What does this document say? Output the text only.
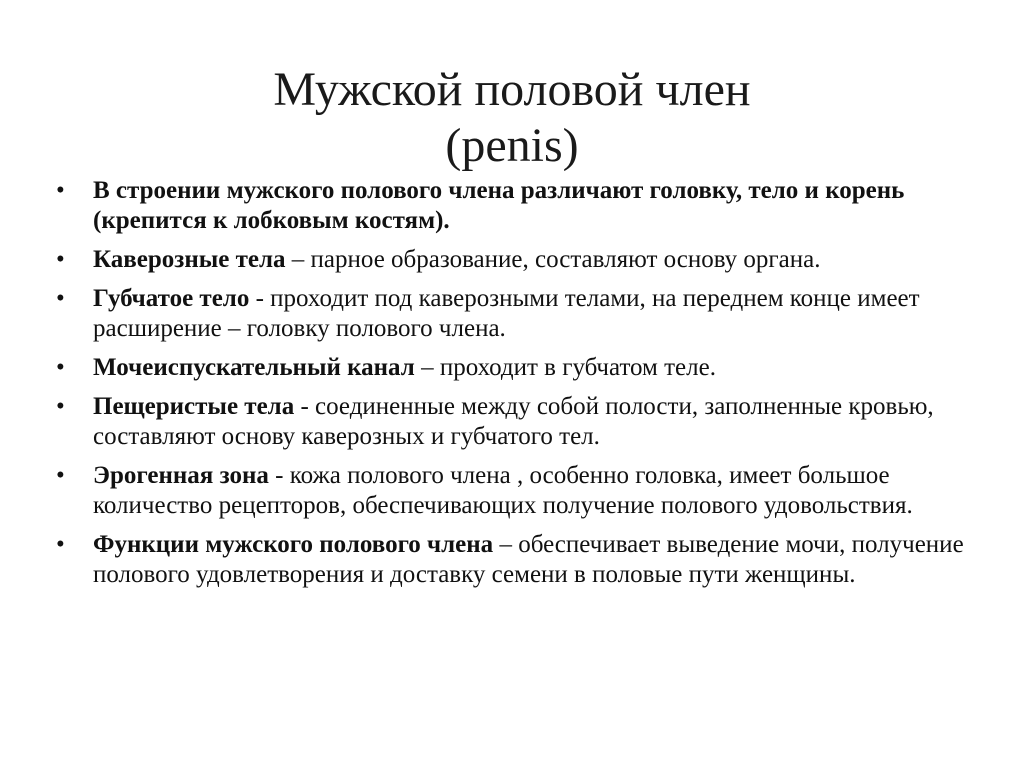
Мужской половой член
(penis)
•	В строении мужского полового члена различают головку, тело и корень (крепится к лобковым костям).
•	Каверозные тела – парное образование, составляют основу органа.
•	Губчатое тело - проходит под каверозными телами, на переднем конце имеет расширение – головку полового члена.
•	Мочеиспускательный канал – проходит в губчатом теле.
•	Пещеристые тела - соединенные между собой полости, заполненные кровью, составляют основу каверозных и губчатого тел.
•	Эрогенная зона - кожа полового члена , особенно головка, имеет большое количество рецепторов, обеспечивающих получение полового удовольствия.
•	Функции мужского полового члена – обеспечивает выведение мочи, получение полового удовлетворения и доставку семени в половые пути женщины.
